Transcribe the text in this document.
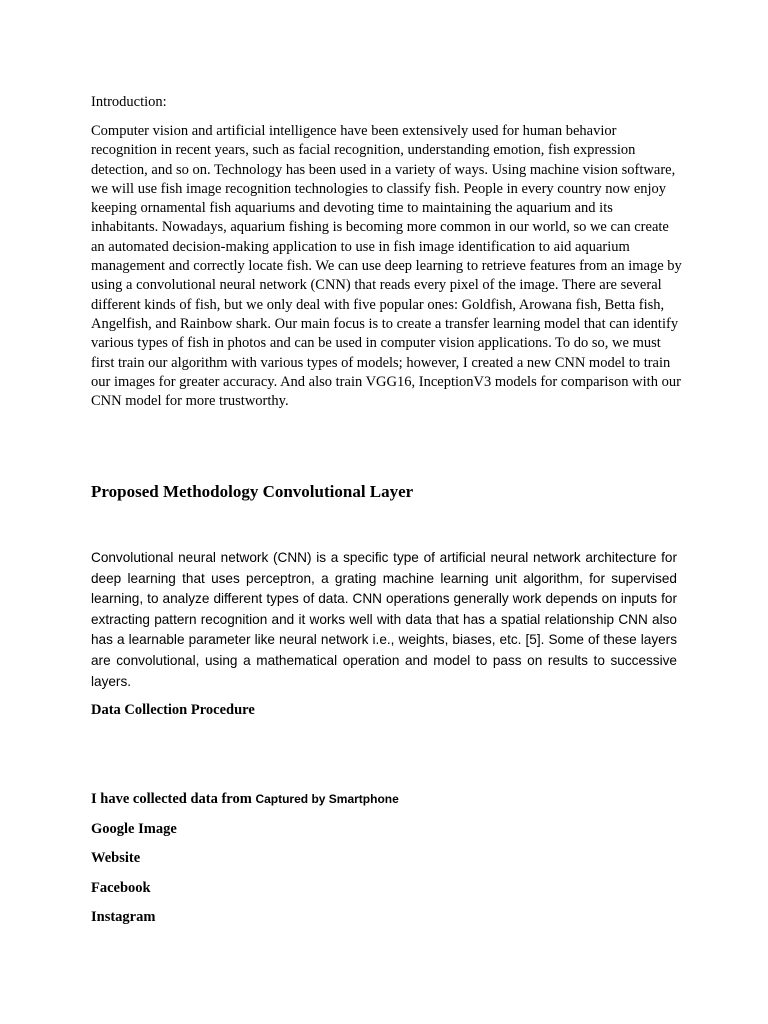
Introduction:

Computer vision and artificial intelligence have been extensively used for human behavior recognition in recent years, such as facial recognition, understanding emotion, fish expression detection, and so on. Technology has been used in a variety of ways. Using machine vision software, we will use fish image recognition technologies to classify fish. People in every country now enjoy keeping ornamental fish aquariums and devoting time to maintaining the aquarium and its inhabitants. Nowadays, aquarium fishing is becoming more common in our world, so we can create an automated decision-making application to use in fish image identification to aid aquarium management and correctly locate fish. We can use deep learning to retrieve features from an image by using a convolutional neural network (CNN) that reads every pixel of the image. There are several different kinds of fish, but we only deal with five popular ones: Goldfish, Arowana fish, Betta fish, Angelfish, and Rainbow shark. Our main focus is to create a transfer learning model that can identify various types of fish in photos and can be used in computer vision applications. To do so, we must first train our algorithm with various types of models; however, I created a new CNN model to train our images for greater accuracy. And also train VGG16, InceptionV3 models for comparison with our CNN model for more trustworthy.

Proposed Methodology Convolutional Layer

Convolutional neural network (CNN) is a specific type of artificial neural network architecture for deep learning that uses perceptron, a grating machine learning unit algorithm, for supervised learning, to analyze different types of data. CNN operations generally work depends on inputs for extracting pattern recognition and it works well with data that has a spatial relationship CNN also has a learnable parameter like neural network i.e., weights, biases, etc. [5]. Some of these layers are convolutional, using a mathematical operation and model to pass on results to successive layers.

Data Collection Procedure
I have collected data from Captured by Smartphone
Google Image
Website
Facebook
Instagram
